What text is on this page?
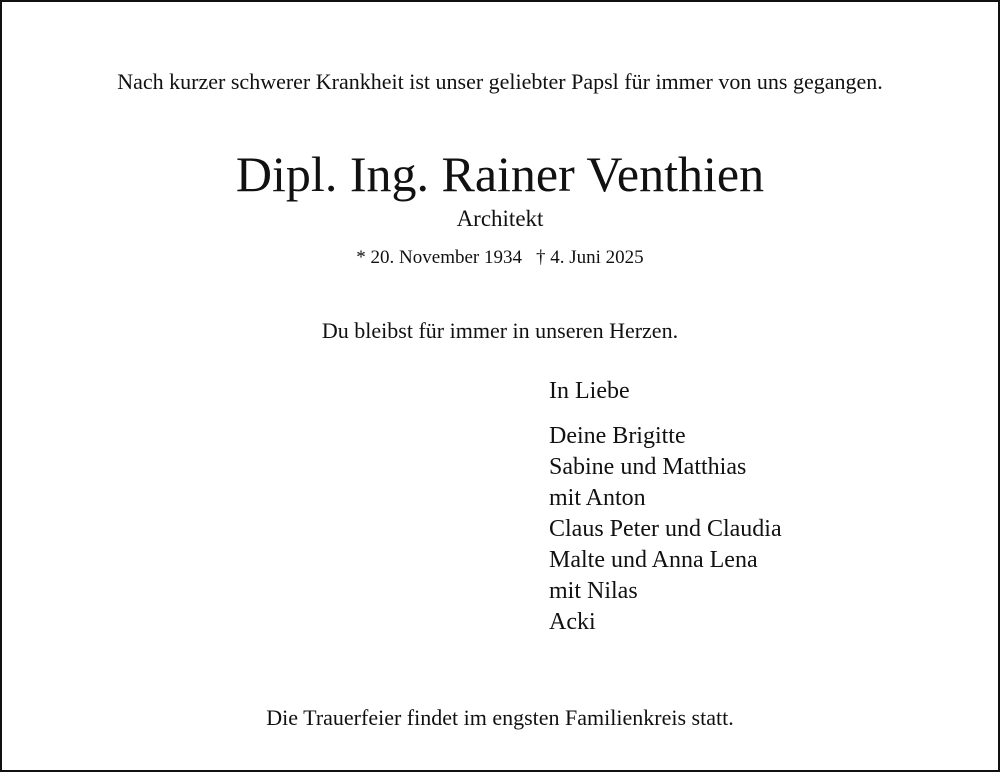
Nach kurzer schwerer Krankheit ist unser geliebter Papsl für immer von uns gegangen.
Dipl. Ing. Rainer Venthien
Architekt
* 20. November 1934 † 4. Juni 2025
Du bleibst für immer in unseren Herzen.
In Liebe
Deine Brigitte
Sabine und Matthias
mit Anton
Claus Peter und Claudia
Malte und Anna Lena
mit Nilas
Acki
Die Trauerfeier findet im engsten Familienkreis statt.
